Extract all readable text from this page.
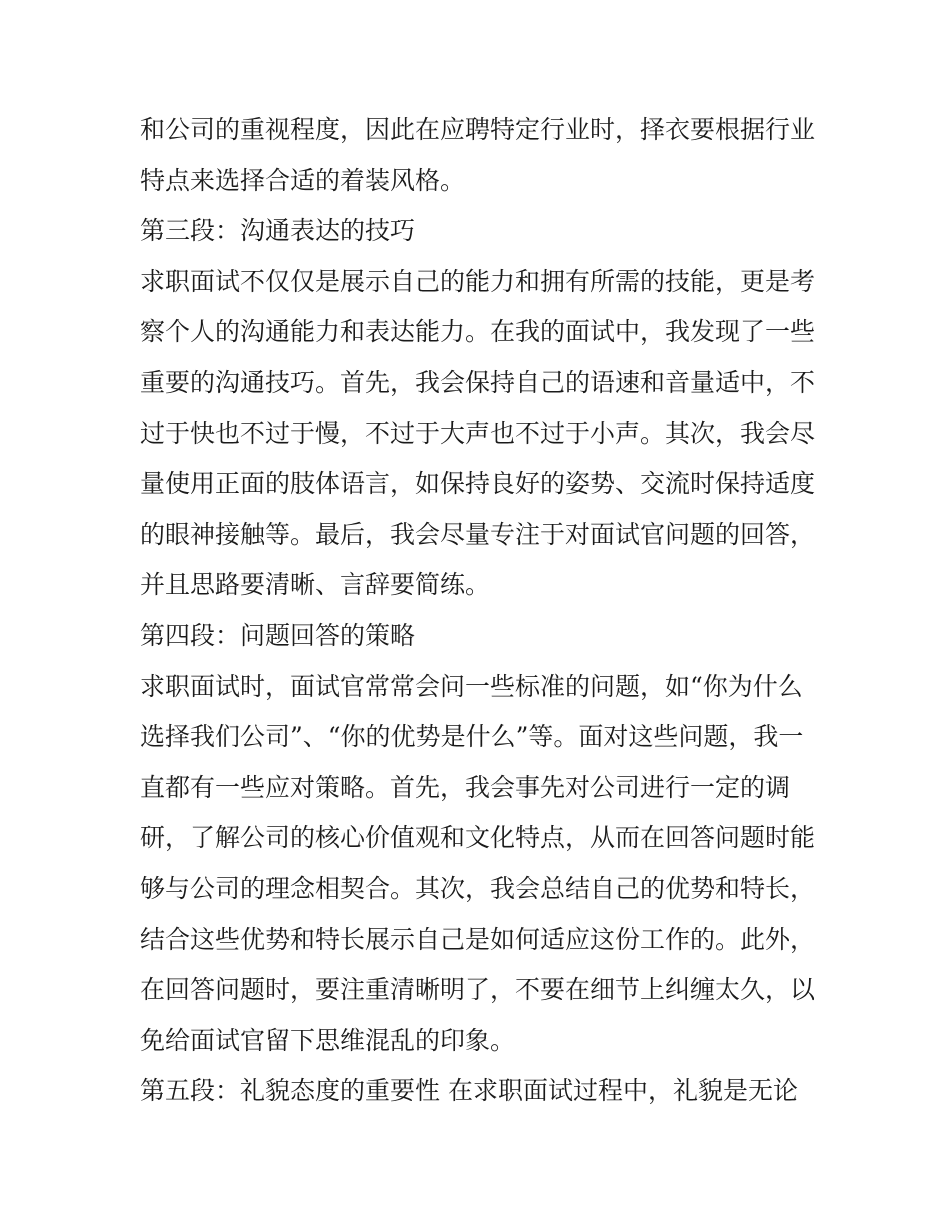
和公司的重视程度，因此在应聘特定行业时，择衣要根据行业
特点来选择合适的着装风格。
第三段：沟通表达的技巧
求职面试不仅仅是展示自己的能力和拥有所需的技能，更是考
察个人的沟通能力和表达能力。在我的面试中，我发现了一些
重要的沟通技巧。首先，我会保持自己的语速和音量适中，不
过于快也不过于慢，不过于大声也不过于小声。其次，我会尽
量使用正面的肢体语言，如保持良好的姿势、交流时保持适度
的眼神接触等。最后，我会尽量专注于对面试官问题的回答，
并且思路要清晰、言辞要简练。
第四段：问题回答的策略
求职面试时，面试官常常会问一些标准的问题，如“你为什么
选择我们公司”、“你的优势是什么”等。面对这些问题，我一
直都有一些应对策略。首先，我会事先对公司进行一定的调
研，了解公司的核心价值观和文化特点，从而在回答问题时能
够与公司的理念相契合。其次，我会总结自己的优势和特长，
结合这些优势和特长展示自己是如何适应这份工作的。此外，
在回答问题时，要注重清晰明了，不要在细节上纠缠太久，以
免给面试官留下思维混乱的印象。
第五段：礼貌态度的重要性 在求职面试过程中，礼貌是无论
